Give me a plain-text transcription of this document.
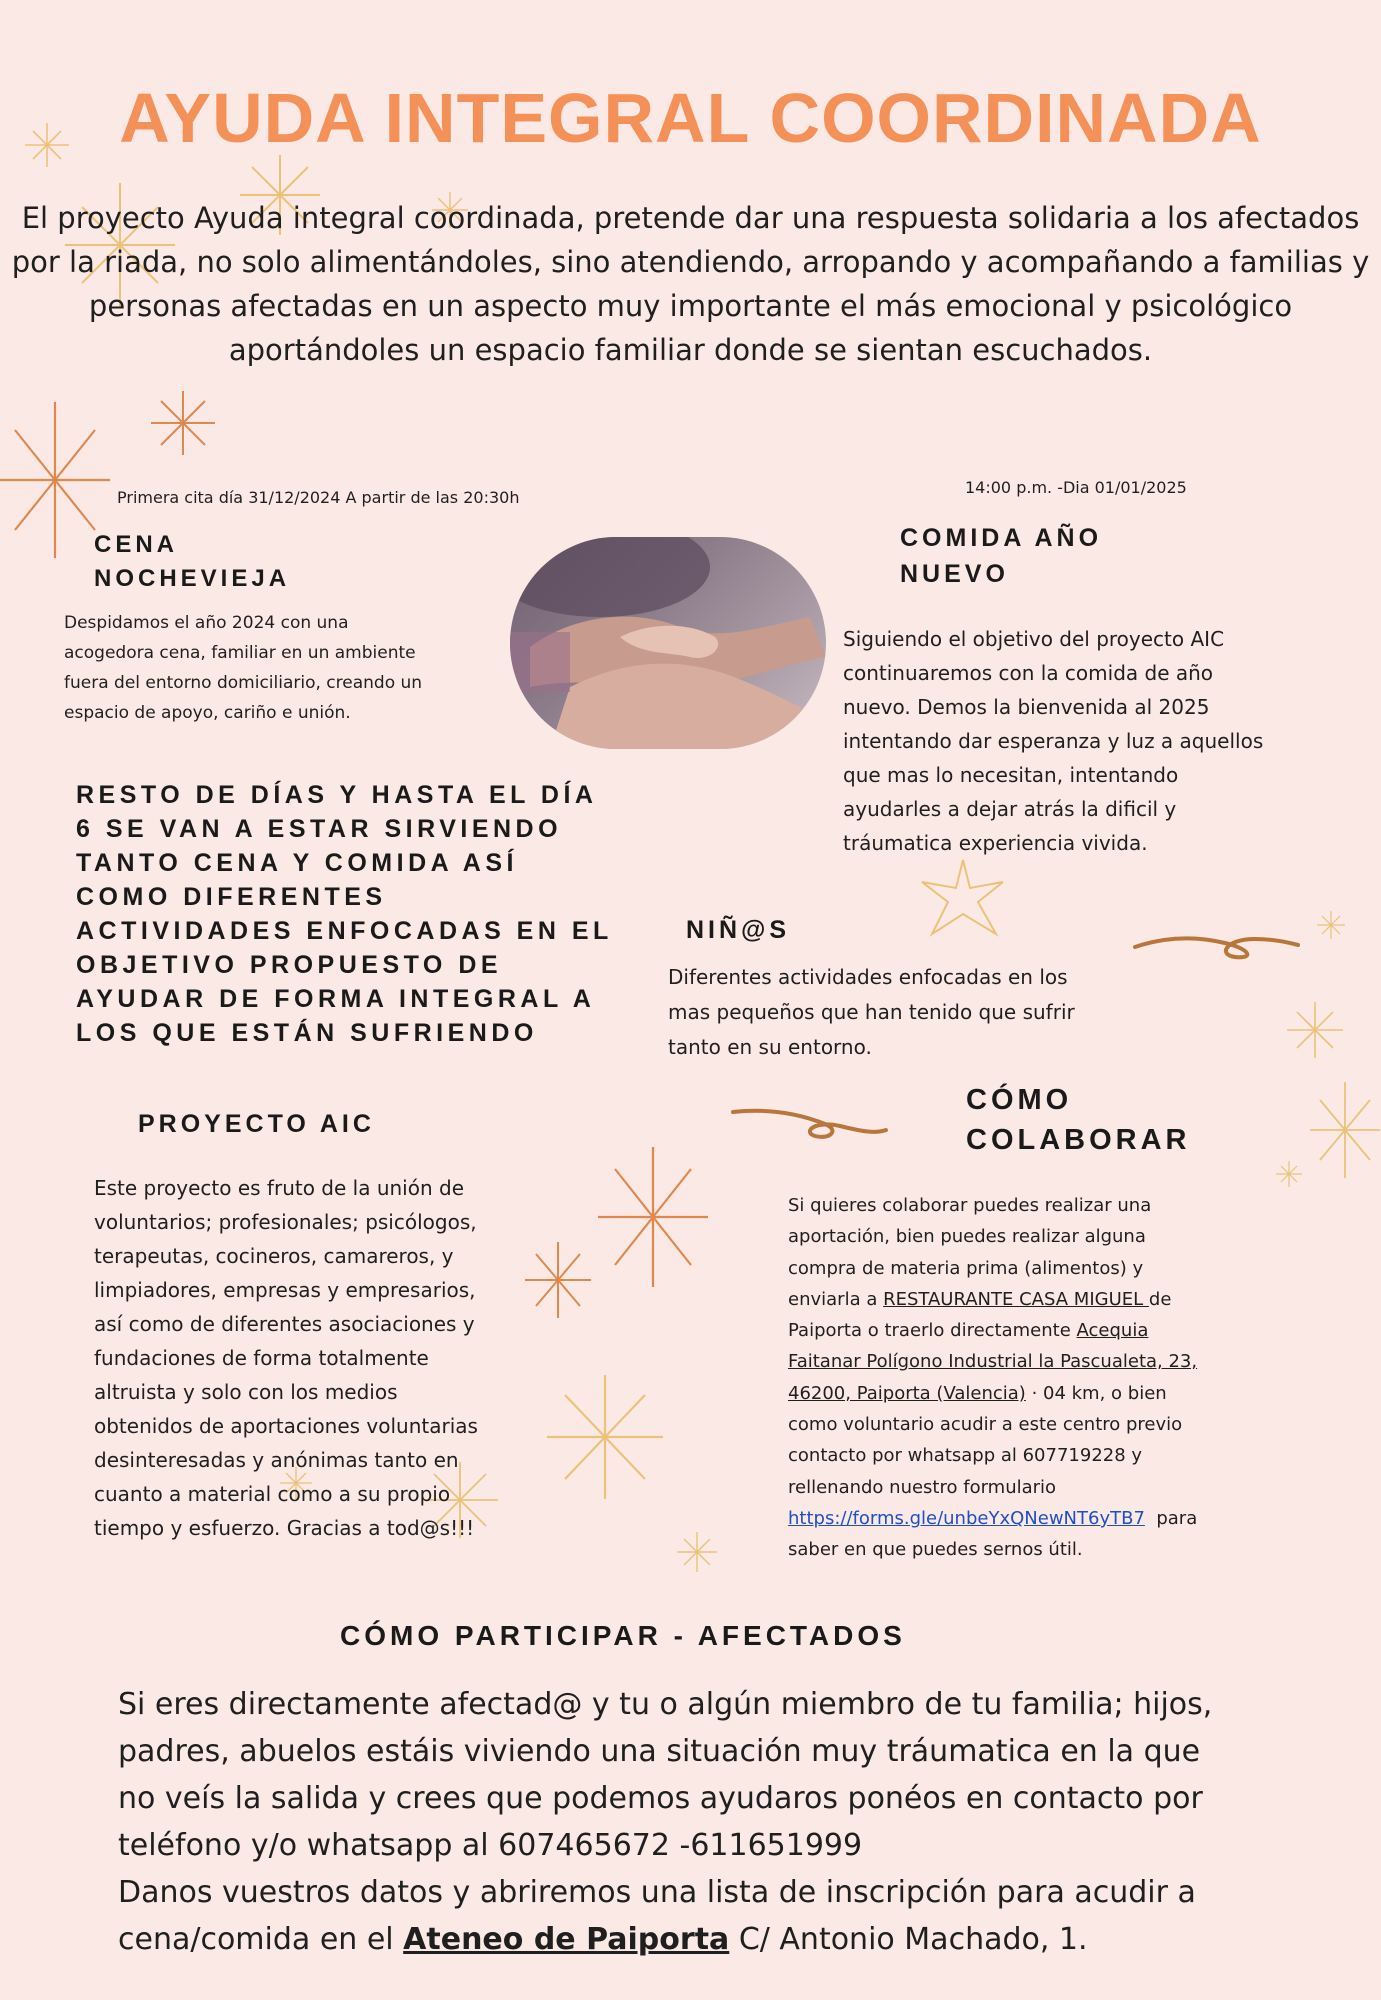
AYUDA INTEGRAL COORDINADA
El proyecto Ayuda integral coordinada, pretende dar una respuesta solidaria a los afectados
por la riada, no solo alimentándoles, sino atendiendo, arropando y acompañando a familias y
personas afectadas en un aspecto muy importante el más emocional y psicológico
aportándoles un espacio familiar donde se sientan escuchados.
Primera cita día 31/12/2024 A partir de las 20:30h
CENA
NOCHEVIEJA
Despidamos el año 2024 con una
acogedora cena, familiar en un ambiente
fuera del entorno domiciliario, creando un
espacio de apoyo, cariño e unión.
14:00 p.m. -Dia 01/01/2025
COMIDA AÑO
NUEVO
Siguiendo el objetivo del proyecto AIC
continuaremos con la comida de año
nuevo. Demos la bienvenida al 2025
intentando dar esperanza y luz a aquellos
que mas lo necesitan, intentando
ayudarles a dejar atrás la dificil y
tráumatica experiencia vivida.
RESTO DE DÍAS Y HASTA EL DÍA
6 SE VAN A ESTAR SIRVIENDO
TANTO CENA Y COMIDA ASÍ
COMO DIFERENTES
ACTIVIDADES ENFOCADAS EN EL
OBJETIVO PROPUESTO DE
AYUDAR DE FORMA INTEGRAL A
LOS QUE ESTÁN SUFRIENDO
NIÑ@S
Diferentes actividades enfocadas en los
mas pequeños que han tenido que sufrir
tanto en su entorno.
PROYECTO AIC
Este proyecto es fruto de la unión de
voluntarios; profesionales; psicólogos,
terapeutas, cocineros, camareros, y
limpiadores, empresas y empresarios,
así como de diferentes asociaciones y
fundaciones de forma totalmente
altruista y solo con los medios
obtenidos de aportaciones voluntarias
desinteresadas y anónimas tanto en
cuanto a material como a su propio
tiempo y esfuerzo. Gracias a tod@s!!!
CÓMO
COLABORAR
Si quieres colaborar puedes realizar una
aportación, bien puedes realizar alguna
compra de materia prima (alimentos) y
enviarla a RESTAURANTE CASA MIGUEL de
Paiporta o traerlo directamente Acequia
Faitanar Polígono Industrial la Pascualeta, 23,
46200, Paiporta (Valencia) · 04 km, o bien
como voluntario acudir a este centro previo
contacto por whatsapp al 607719228 y
rellenando nuestro formulario
https://forms.gle/unbeYxQNewNT6yTB7  para
saber en que puedes sernos útil.
CÓMO PARTICIPAR - AFECTADOS
Si eres directamente afectad@ y tu o algún miembro de tu familia; hijos,
padres, abuelos estáis viviendo una situación muy tráumatica en la que
no veís la salida y crees que podemos ayudaros ponéos en contacto por
teléfono y/o whatsapp al 607465672 -611651999
Danos vuestros datos y abriremos una lista de inscripción para acudir a
cena/comida en el Ateneo de Paiporta C/ Antonio Machado, 1.
